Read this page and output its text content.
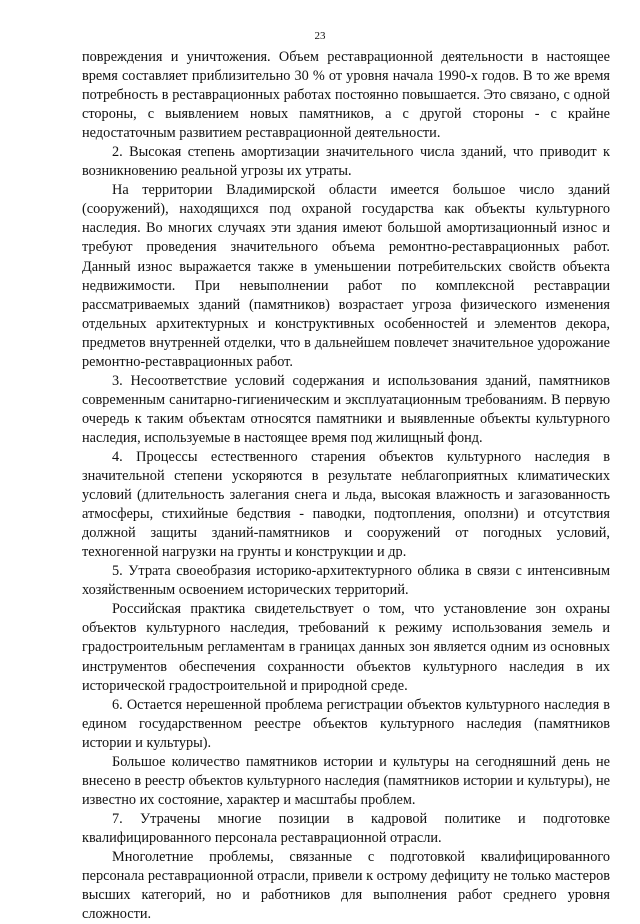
23

повреждения и уничтожения. Объем реставрационной деятельности в настоящее время составляет приблизительно 30 % от уровня начала 1990-х годов. В то же время потребность в реставрационных работах постоянно повышается. Это связано, с одной стороны, с выявлением новых памятников, а с другой стороны - с крайне недостаточным развитием реставрационной деятельности.

2. Высокая степень амортизации значительного числа зданий, что приводит к возникновению реальной угрозы их утраты.

На территории Владимирской области имеется большое число зданий (сооружений), находящихся под охраной государства как объекты культурного наследия. Во многих случаях эти здания имеют большой амортизационный износ и требуют проведения значительного объема ремонтно-реставрационных работ. Данный износ выражается также в уменьшении потребительских свойств объекта недвижимости. При невыполнении работ по комплексной реставрации рассматриваемых зданий (памятников) возрастает угроза физического изменения отдельных архитектурных и конструктивных особенностей и элементов декора, предметов внутренней отделки, что в дальнейшем повлечет значительное удорожание ремонтно-реставрационных работ.

3. Несоответствие условий содержания и использования зданий, памятников современным санитарно-гигиеническим и эксплуатационным требованиям. В первую очередь к таким объектам относятся памятники и выявленные объекты культурного наследия, используемые в настоящее время под жилищный фонд.

4. Процессы естественного старения объектов культурного наследия в значительной степени ускоряются в результате неблагоприятных климатических условий (длительность залегания снега и льда, высокая влажность и загазованность атмосферы, стихийные бедствия - паводки, подтопления, оползни) и отсутствия должной защиты зданий-памятников и сооружений от погодных условий, техногенной нагрузки на грунты и конструкции и др.

5. Утрата своеобразия историко-архитектурного облика в связи с интенсивным хозяйственным освоением исторических территорий.

Российская практика свидетельствует о том, что установление зон охраны объектов культурного наследия, требований к режиму использования земель и градостроительным регламентам в границах данных зон является одним из основных инструментов обеспечения сохранности объектов культурного наследия в их исторической градостроительной и природной среде.

6. Остается нерешенной проблема регистрации объектов культурного наследия в едином государственном реестре объектов культурного наследия (памятников истории и культуры).

Большое количество памятников истории и культуры на сегодняшний день не внесено в реестр объектов культурного наследия (памятников истории и культуры), не известно их состояние, характер и масштабы проблем.

7. Утрачены многие позиции в кадровой политике и подготовке квалифицированного персонала реставрационной отрасли.

Многолетние проблемы, связанные с подготовкой квалифицированного персонала реставрационной отрасли, привели к острому дефициту не только мастеров высших категорий, но и работников для выполнения работ среднего уровня сложности.
